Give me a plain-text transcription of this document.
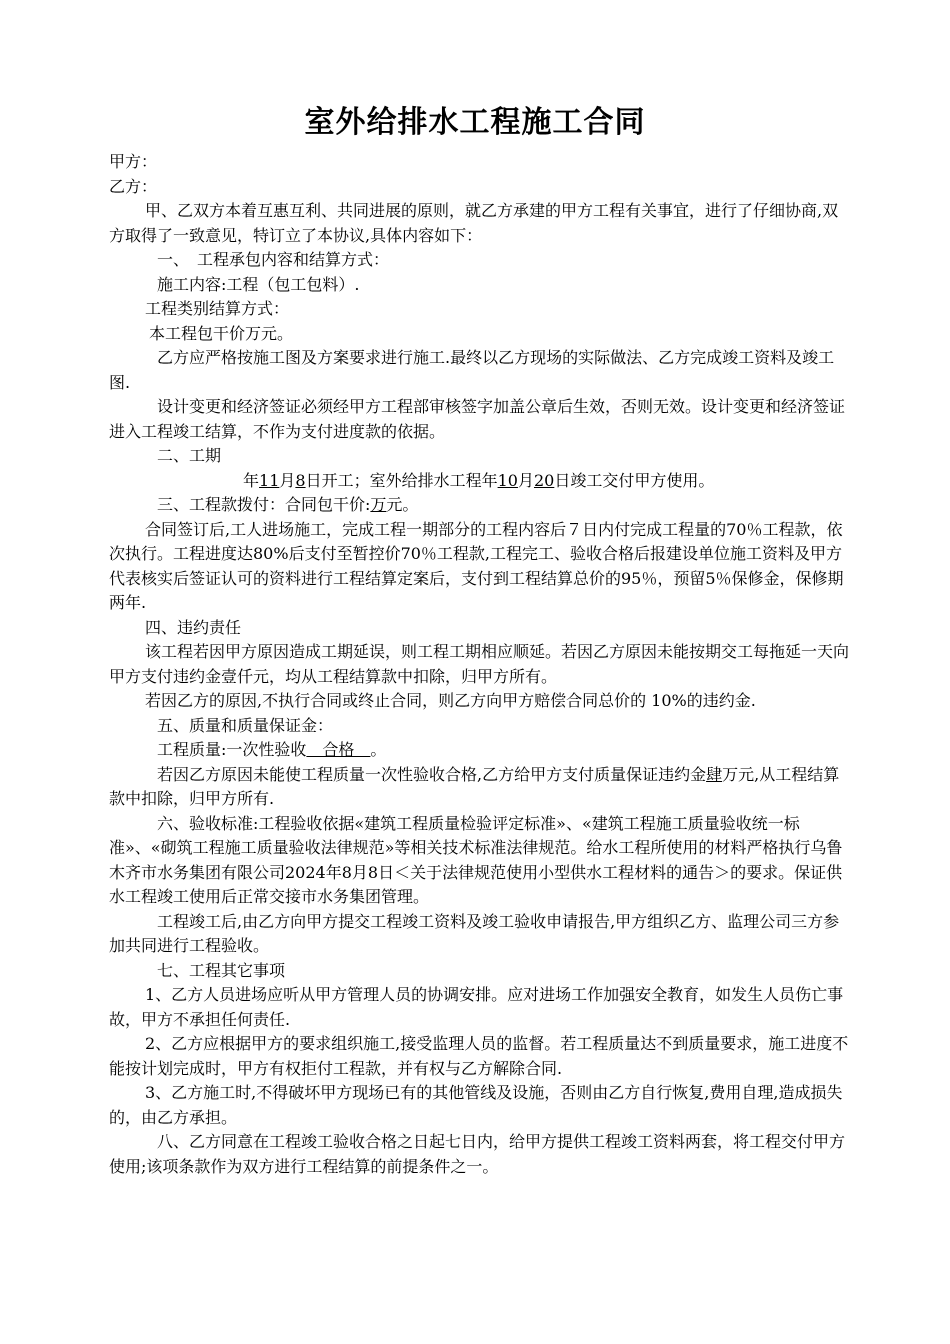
室外给排水工程施工合同

甲方：

乙方：

甲、乙双方本着互惠互利、共同进展的原则，就乙方承建的甲方工程有关事宜，进行了仔细协商,双方取得了一致意见，特订立了本协议,具体内容如下：

一、　工程承包内容和结算方式：

施工内容:工程（包工包料）.

工程类别结算方式：

本工程包干价万元。

乙方应严格按施工图及方案要求进行施工.最终以乙方现场的实际做法、乙方完成竣工资料及竣工图.

设计变更和经济签证必须经甲方工程部审核签字加盖公章后生效，否则无效。设计变更和经济签证进入工程竣工结算，不作为支付进度款的依据。

二、工期

年11月8日开工；室外给排水工程年10月20日竣工交付甲方使用。

三、工程款拨付：合同包干价:万元。

合同签订后,工人进场施工，完成工程一期部分的工程内容后７日内付完成工程量的70％工程款，依次执行。工程进度达80%后支付至暂控价70％工程款,工程完工、验收合格后报建设单位施工资料及甲方代表核实后签证认可的资料进行工程结算定案后，支付到工程结算总价的95％，预留5％保修金，保修期两年.

四、违约责任

该工程若因甲方原因造成工期延误，则工程工期相应顺延。若因乙方原因未能按期交工每拖延一天向甲方支付违约金壹仟元，均从工程结算款中扣除，归甲方所有。

若因乙方的原因,不执行合同或终止合同，则乙方向甲方赔偿合同总价的 10%的违约金.

五、质量和质量保证金：

工程质量:一次性验收　合格　。

若因乙方原因未能使工程质量一次性验收合格,乙方给甲方支付质量保证违约金肆万元,从工程结算款中扣除，归甲方所有.

六、验收标准:工程验收依据«建筑工程质量检验评定标准»、«建筑工程施工质量验收统一标准»、«砌筑工程施工质量验收法律规范»等相关技术标准法律规范。给水工程所使用的材料严格执行乌鲁木齐市水务集团有限公司2024年8月8日＜关于法律规范使用小型供水工程材料的通告＞的要求。保证供水工程竣工使用后正常交接市水务集团管理。

工程竣工后,由乙方向甲方提交工程竣工资料及竣工验收申请报告,甲方组织乙方、监理公司三方参加共同进行工程验收。

七、工程其它事项

1、乙方人员进场应听从甲方管理人员的协调安排。应对进场工作加强安全教育，如发生人员伤亡事故，甲方不承担任何责任.

2、乙方应根据甲方的要求组织施工,接受监理人员的监督。若工程质量达不到质量要求，施工进度不能按计划完成时，甲方有权拒付工程款，并有权与乙方解除合同.

3、乙方施工时,不得破坏甲方现场已有的其他管线及设施，否则由乙方自行恢复,费用自理,造成损失的，由乙方承担。

八、乙方同意在工程竣工验收合格之日起七日内，给甲方提供工程竣工资料两套，将工程交付甲方使用;该项条款作为双方进行工程结算的前提条件之一。
